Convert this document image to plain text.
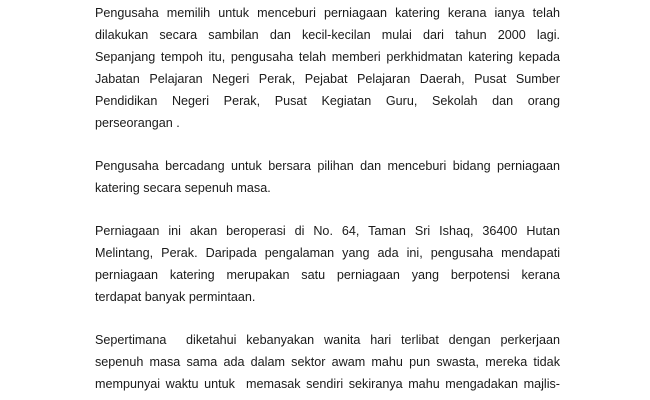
Pengusaha memilih untuk menceburi perniagaan katering kerana ianya telah
dilakukan secara sambilan dan kecil-kecilan mulai dari tahun 2000 lagi.
Sepanjang tempoh itu, pengusaha telah memberi perkhidmatan katering kepada
Jabatan Pelajaran Negeri Perak, Pejabat Pelajaran Daerah, Pusat Sumber
Pendidikan Negeri Perak, Pusat Kegiatan Guru, Sekolah dan orang
perseorangan .
Pengusaha bercadang untuk bersara pilihan dan menceburi bidang perniagaan
katering secara sepenuh masa.
Perniagaan ini akan beroperasi di No. 64, Taman Sri Ishaq, 36400 Hutan
Melintang, Perak. Daripada pengalaman yang ada ini, pengusaha mendapati
perniagaan katering merupakan satu perniagaan yang berpotensi kerana
terdapat banyak permintaan.
Sepertimana  diketahui kebanyakan wanita hari terlibat dengan perkerjaan
sepenuh masa sama ada dalam sektor awam mahu pun swasta, mereka tidak
mempunyai waktu untuk  memasak sendiri sekiranya mahu mengadakan majlis-
